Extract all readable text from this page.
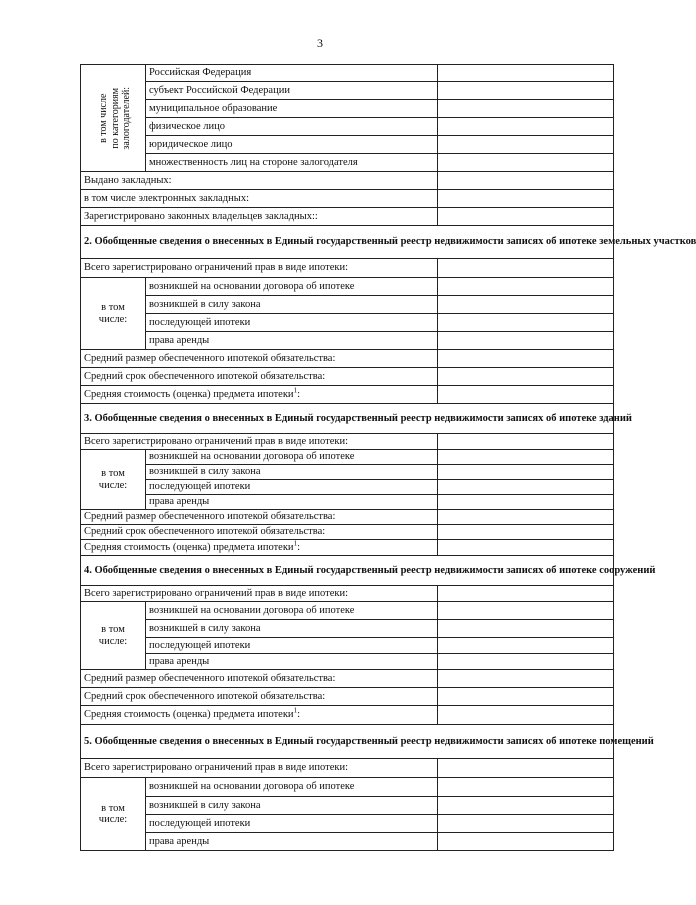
3
в том числе
по категориям
залогодателей:	Российская Федерация	
	субъект Российской Федерации	
	муниципальное образование	
	физическое лицо	
	юридическое лицо	
	множественность лиц на стороне залогодателя	
Выдано закладных:		
в том числе электронных закладных:		
Зарегистрировано законных владельцев закладных::		
2. Обобщенные сведения о внесенных в Единый государственный реестр недвижимости записях об ипотеке земельных участков		
Всего зарегистрировано ограничений прав в виде ипотеки:		
в том
числе:	возникшей на основании договора об ипотеке	
	возникшей в силу закона	
	последующей ипотеки	
	права аренды	
Средний размер обеспеченного ипотекой обязательства:		
Средний срок обеспеченного ипотекой обязательства:		
Средняя стоимость (оценка) предмета ипотеки$^1$:		
3. Обобщенные сведения о внесенных в Единый государственный реестр недвижимости записях об ипотеке зданий		
Всего зарегистрировано ограничений прав в виде ипотеки:		
в том
числе:	возникшей на основании договора об ипотеке	
	возникшей в силу закона	
	последующей ипотеки	
	права аренды	
Средний размер обеспеченного ипотекой обязательства:		
Средний срок обеспеченного ипотекой обязательства:		
Средняя стоимость (оценка) предмета ипотеки$^1$:		
4. Обобщенные сведения о внесенных в Единый государственный реестр недвижимости записях об ипотеке сооружений		
Всего зарегистрировано ограничений прав в виде ипотеки:		
в том
числе:	возникшей на основании договора об ипотеке	
	возникшей в силу закона	
	последующей ипотеки	
	права аренды	
Средний размер обеспеченного ипотекой обязательства:		
Средний срок обеспеченного ипотекой обязательства:		
Средняя стоимость (оценка) предмета ипотеки$^1$:		
5. Обобщенные сведения о внесенных в Единый государственный реестр недвижимости записях об ипотеке помещений		
Всего зарегистрировано ограничений прав в виде ипотеки:		
в том
числе:	возникшей на основании договора об ипотеке	
	возникшей в силу закона	
	последующей ипотеки	
	права аренды	
